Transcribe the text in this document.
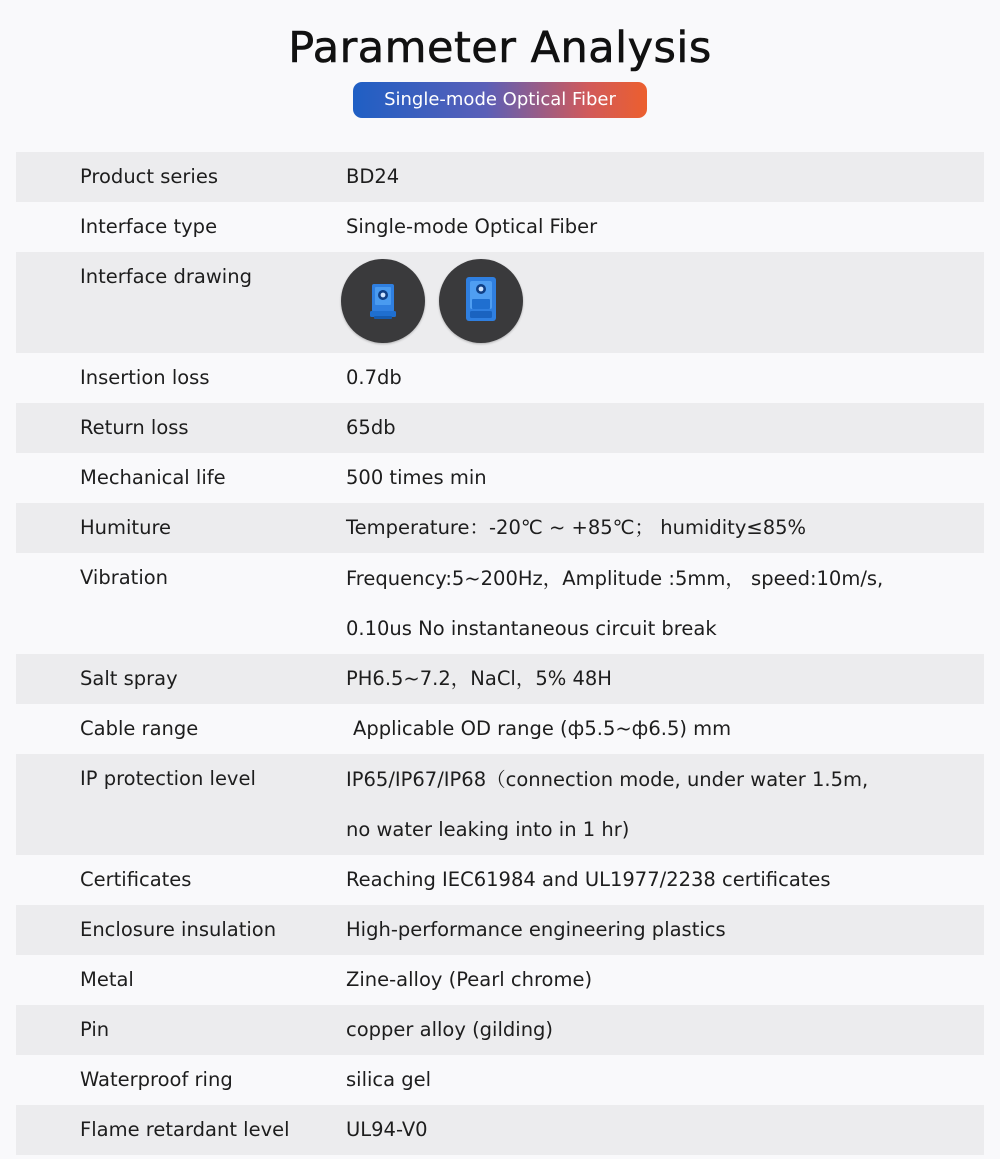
Parameter Analysis
Single-mode Optical Fiber
Product series	BD24
Interface type	Single-mode Optical Fiber
Interface drawing
Insertion loss	0.7db
Return loss	65db
Mechanical life	500 times min
Humiture	Temperature：-20℃ ~ +85℃； humidity≤85%
Vibration	Frequency:5~200Hz，Amplitude :5mm， speed:10m/s,
0.10us No instantaneous circuit break
Salt spray	PH6.5~7.2，NaCl，5% 48H
Cable range	Applicable OD range (ф5.5~ф6.5) mm
IP protection level	IP65/IP67/IP68（connection mode, under water 1.5m,
no water leaking into in 1 hr)
Certificates	Reaching IEC61984 and UL1977/2238 certificates
Enclosure insulation	High-performance engineering plastics
Metal	Zine-alloy (Pearl chrome)
Pin	copper alloy (gilding)
Waterproof ring	silica gel
Flame retardant level	UL94-V0
